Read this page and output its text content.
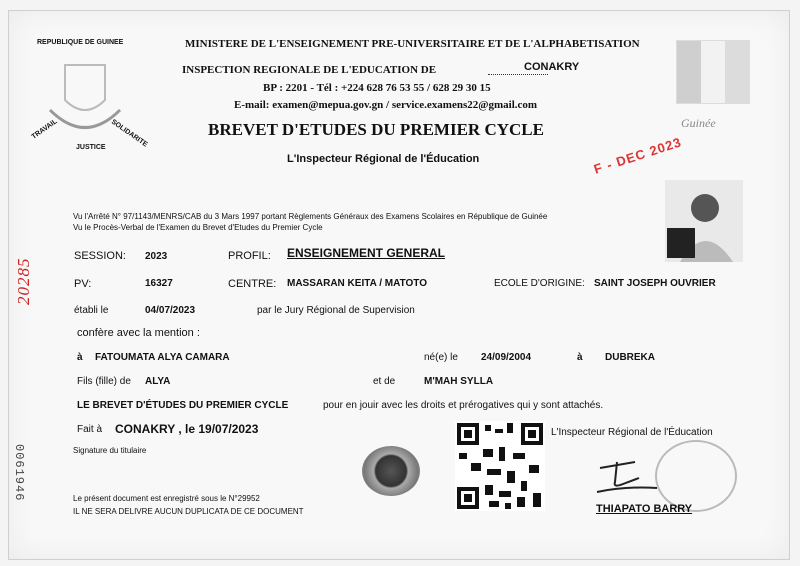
REPUBLIQUE DE GUINEE
TRAVAIL
JUSTICE SOLIDARITE
MINISTERE DE L'ENSEIGNEMENT PRE-UNIVERSITAIRE ET DE L'ALPHABETISATION
INSPECTION REGIONALE DE L'EDUCATION DE	CONAKRY
BP : 2201 - Tél : +224 628 76 53 55 / 628 29 30 15
E-mail: examen@mepua.gov.gn / service.examens22@gmail.com
BREVET D'ETUDES DU PREMIER CYCLE
L'Inspecteur Régional de l'Éducation
Guinée
F - DEC 2023
20285
0061946
Vu l'Arrêté N° 97/1143/MENRS/CAB du 3 Mars 1997 portant Règlements Généraux des Examens Scolaires en République de Guinée
Vu le Procès-Verbal de l'Examen du Brevet d'Etudes du Premier Cycle
SESSION: 2023	PROFIL: ENSEIGNEMENT GENERAL
PV:	16327	CENTRE: MASSARAN KEITA / MATOTO	ECOLE D'ORIGINE: SAINT JOSEPH OUVRIER
établi le	04/07/2023	par le Jury Régional de Supervision
confère avec la mention :
à FATOUMATA ALYA CAMARA	né(e) le 24/09/2004	à DUBREKA
Fils (fille) de ALYA	et de	M'MAH SYLLA
LE BREVET D'ÉTUDES DU PREMIER CYCLE	pour en jouir avec les droits et prérogatives qui y sont attachés.
Fait à CONAKRY , le 19/07/2023
Signature du titulaire
L'Inspecteur Régional de l'Éducation
THIAPATO BARRY
Le présent document est enregistré sous le N°29952
IL NE SERA DELIVRE AUCUN DUPLICATA DE CE DOCUMENT
